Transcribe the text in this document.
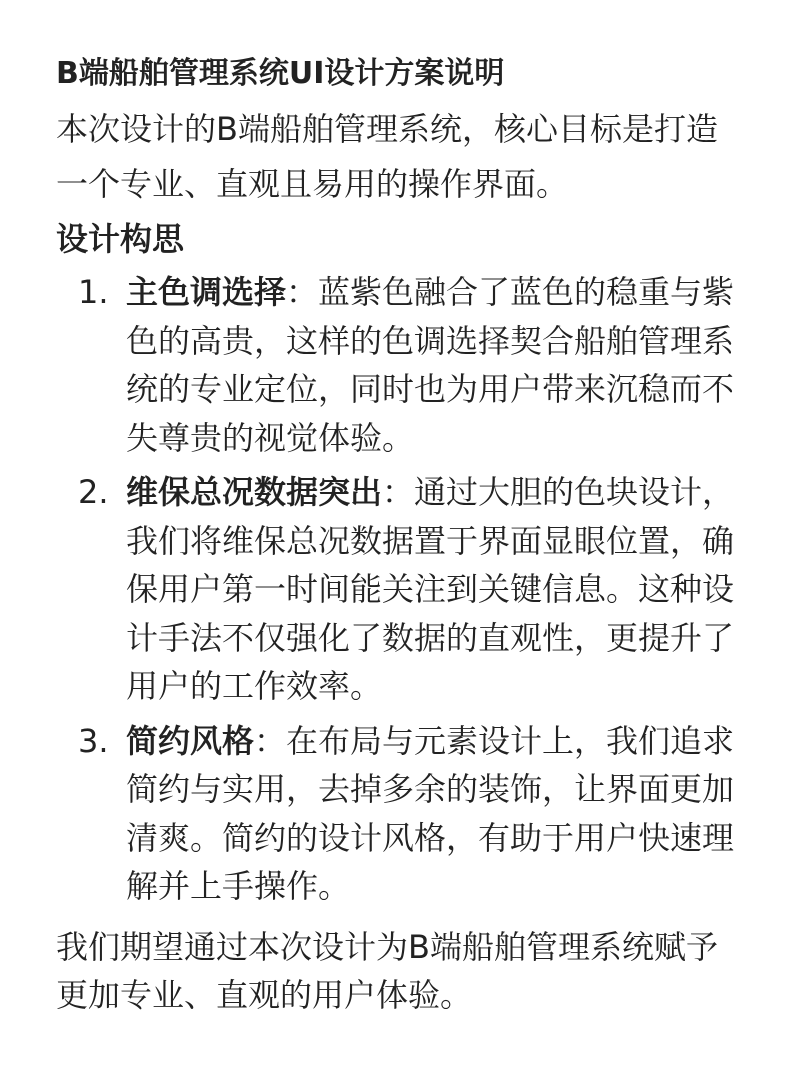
B端船舶管理系统UI设计方案说明

本次设计的B端船舶管理系统，核心目标是打造一个专业、直观且易用的操作界面。

设计构思
1. 主色调选择：蓝紫色融合了蓝色的稳重与紫色的高贵，这样的色调选择契合船舶管理系统的专业定位，同时也为用户带来沉稳而不失尊贵的视觉体验。
2. 维保总况数据突出：通过大胆的色块设计，我们将维保总况数据置于界面显眼位置，确保用户第一时间能关注到关键信息。这种设计手法不仅强化了数据的直观性，更提升了用户的工作效率。
3. 简约风格：在布局与元素设计上，我们追求简约与实用，去掉多余的装饰，让界面更加清爽。简约的设计风格，有助于用户快速理解并上手操作。

我们期望通过本次设计为B端船舶管理系统赋予更加专业、直观的用户体验。
